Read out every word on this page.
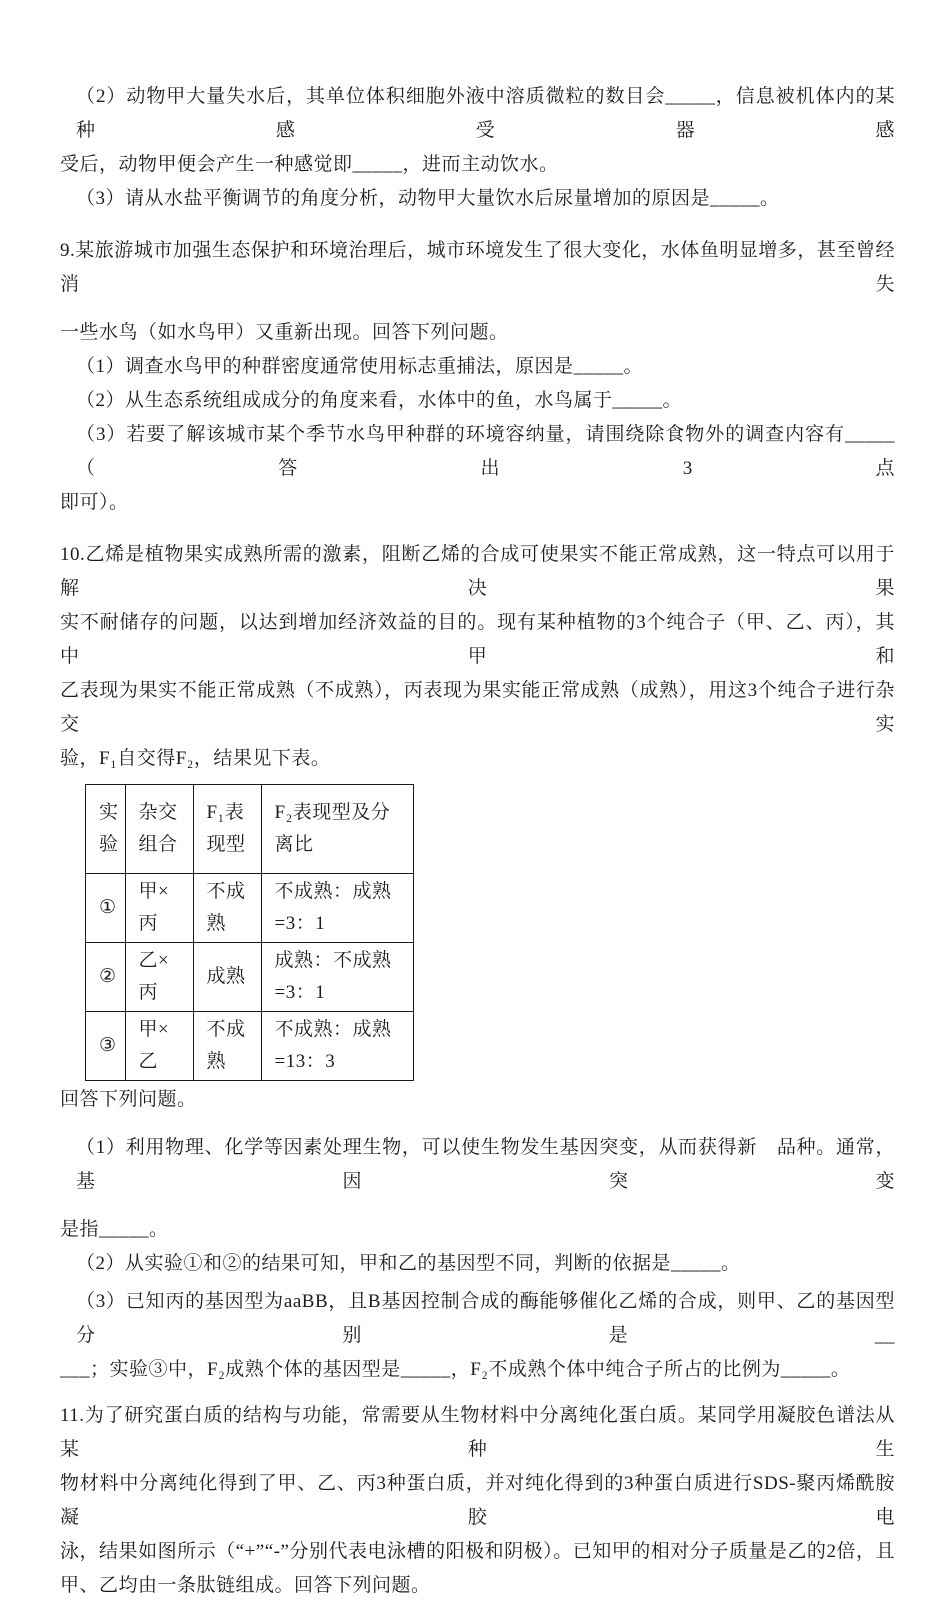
（2）动物甲大量失水后，其单位体积细胞外液中溶质微粒的数目会_____，信息被机体内的某种感受器感
受后，动物甲便会产生一种感觉即_____，进而主动饮水。
（3）请从水盐平衡调节的角度分析，动物甲大量饮水后尿量增加的原因是_____。
9.某旅游城市加强生态保护和环境治理后，城市环境发生了很大变化，水体鱼明显增多，甚至曾经消失
一些水鸟（如水鸟甲）又重新出现。回答下列问题。
（1）调查水鸟甲的种群密度通常使用标志重捕法，原因是_____。
（2）从生态系统组成成分的角度来看，水体中的鱼，水鸟属于_____。
（3）若要了解该城市某个季节水鸟甲种群的环境容纳量，请围绕除食物外的调查内容有_____（答出3点
即可）。
10.乙烯是植物果实成熟所需的激素，阻断乙烯的合成可使果实不能正常成熟，这一特点可以用于解决果
实不耐储存的问题，以达到增加经济效益的目的。现有某种植物的3个纯合子（甲、乙、丙），其中甲和
乙表现为果实不能正常成熟（不成熟），丙表现为果实能正常成熟（成熟），用这3个纯合子进行杂交实
验，F₁自交得F₂，结果见下表。
实验	杂交组合	F₁表现型	F₂表现型及分离比
①	甲×丙	不成熟	不成熟：成熟=3：1
②	乙×丙	成熟	成熟：不成熟=3：1
③	甲×乙	不成熟	不成熟：成熟=13：3
回答下列问题。
（1）利用物理、化学等因素处理生物，可以使生物发生基因突变，从而获得新　品种。通常，基因突变
是指_____。
（2）从实验①和②的结果可知，甲和乙的基因型不同，判断的依据是_____。
（3）已知丙的基因型为aaBB，且B基因控制合成的酶能够催化乙烯的合成，则甲、乙的基因型分别是__
___；实验③中，F₂成熟个体的基因型是_____，F₂不成熟个体中纯合子所占的比例为_____。
11.为了研究蛋白质的结构与功能，常需要从生物材料中分离纯化蛋白质。某同学用凝胶色谱法从某种生
物材料中分离纯化得到了甲、乙、丙3种蛋白质，并对纯化得到的3种蛋白质进行SDS-聚丙烯酰胺凝胶电
泳，结果如图所示（“+”“-”分别代表电泳槽的阳极和阴极）。已知甲的相对分子质量是乙的2倍，且
甲、乙均由一条肽链组成。回答下列问题。
